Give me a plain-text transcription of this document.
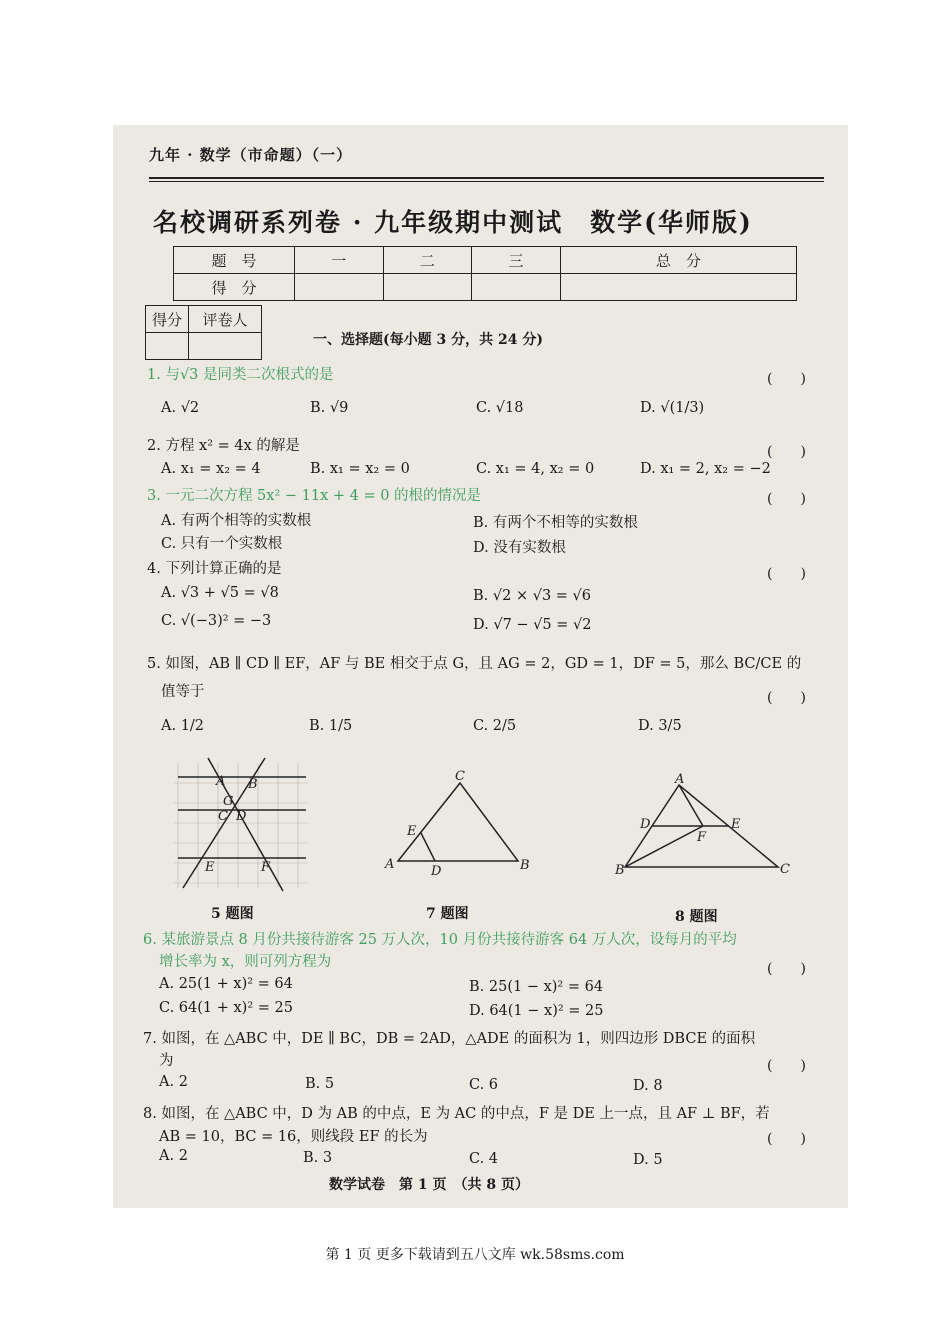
九年 · 数学（市命题）（一）
名校调研系列卷 · 九年级期中测试　数学(华师版)
题　号	一	二	三	总　分
得　分				
得分	评卷人

一、选择题(每小题 3 分，共 24 分)
1. 与√3 是同类二次根式的是	(　　)
A. √2	B. √9	C. √18	D. √(1/3)
2. 方程 x² = 4x 的解是	(　　)
A. x₁ = x₂ = 4	B. x₁ = x₂ = 0	C. x₁ = 4, x₂ = 0	D. x₁ = 2, x₂ = −2
3. 一元二次方程 5x² − 11x + 4 = 0 的根的情况是	(　　)
A. 有两个相等的实数根	B. 有两个不相等的实数根
C. 只有一个实数根	D. 没有实数根
4. 下列计算正确的是	(　　)
A. √3 + √5 = √8	B. √2 × √3 = √6
C. √(−3)² = −3	D. √7 − √5 = √2
5. 如图，AB ∥ CD ∥ EF，AF 与 BE 相交于点 G，且 AG = 2，GD = 1，DF = 5，那么 BC/CE 的
值等于	(　　)
A. 1/2	B. 1/5	C. 2/5	D. 3/5
A B
G
C D
E	F
5 题图
C
E
A	D	B
7 题图
A
D	E
F
B	C
8 题图
6. 某旅游景点 8 月份共接待游客 25 万人次，10 月份共接待游客 64 万人次，设每月的平均
增长率为 x，则可列方程为	(　　)
A. 25(1 + x)² = 64	B. 25(1 − x)² = 64
C. 64(1 + x)² = 25	D. 64(1 − x)² = 25
7. 如图，在 △ABC 中，DE ∥ BC，DB = 2AD，△ADE 的面积为 1，则四边形 DBCE 的面积
为	(　　)
A. 2	B. 5	C. 6	D. 8
8. 如图，在 △ABC 中，D 为 AB 的中点，E 为 AC 的中点，F 是 DE 上一点，且 AF ⊥ BF，若
AB = 10，BC = 16，则线段 EF 的长为	(　　)
A. 2	B. 3	C. 4	D. 5
数学试卷　第 1 页　（共 8 页）
第 1 页 更多下载请到五八文库 wk.58sms.com
